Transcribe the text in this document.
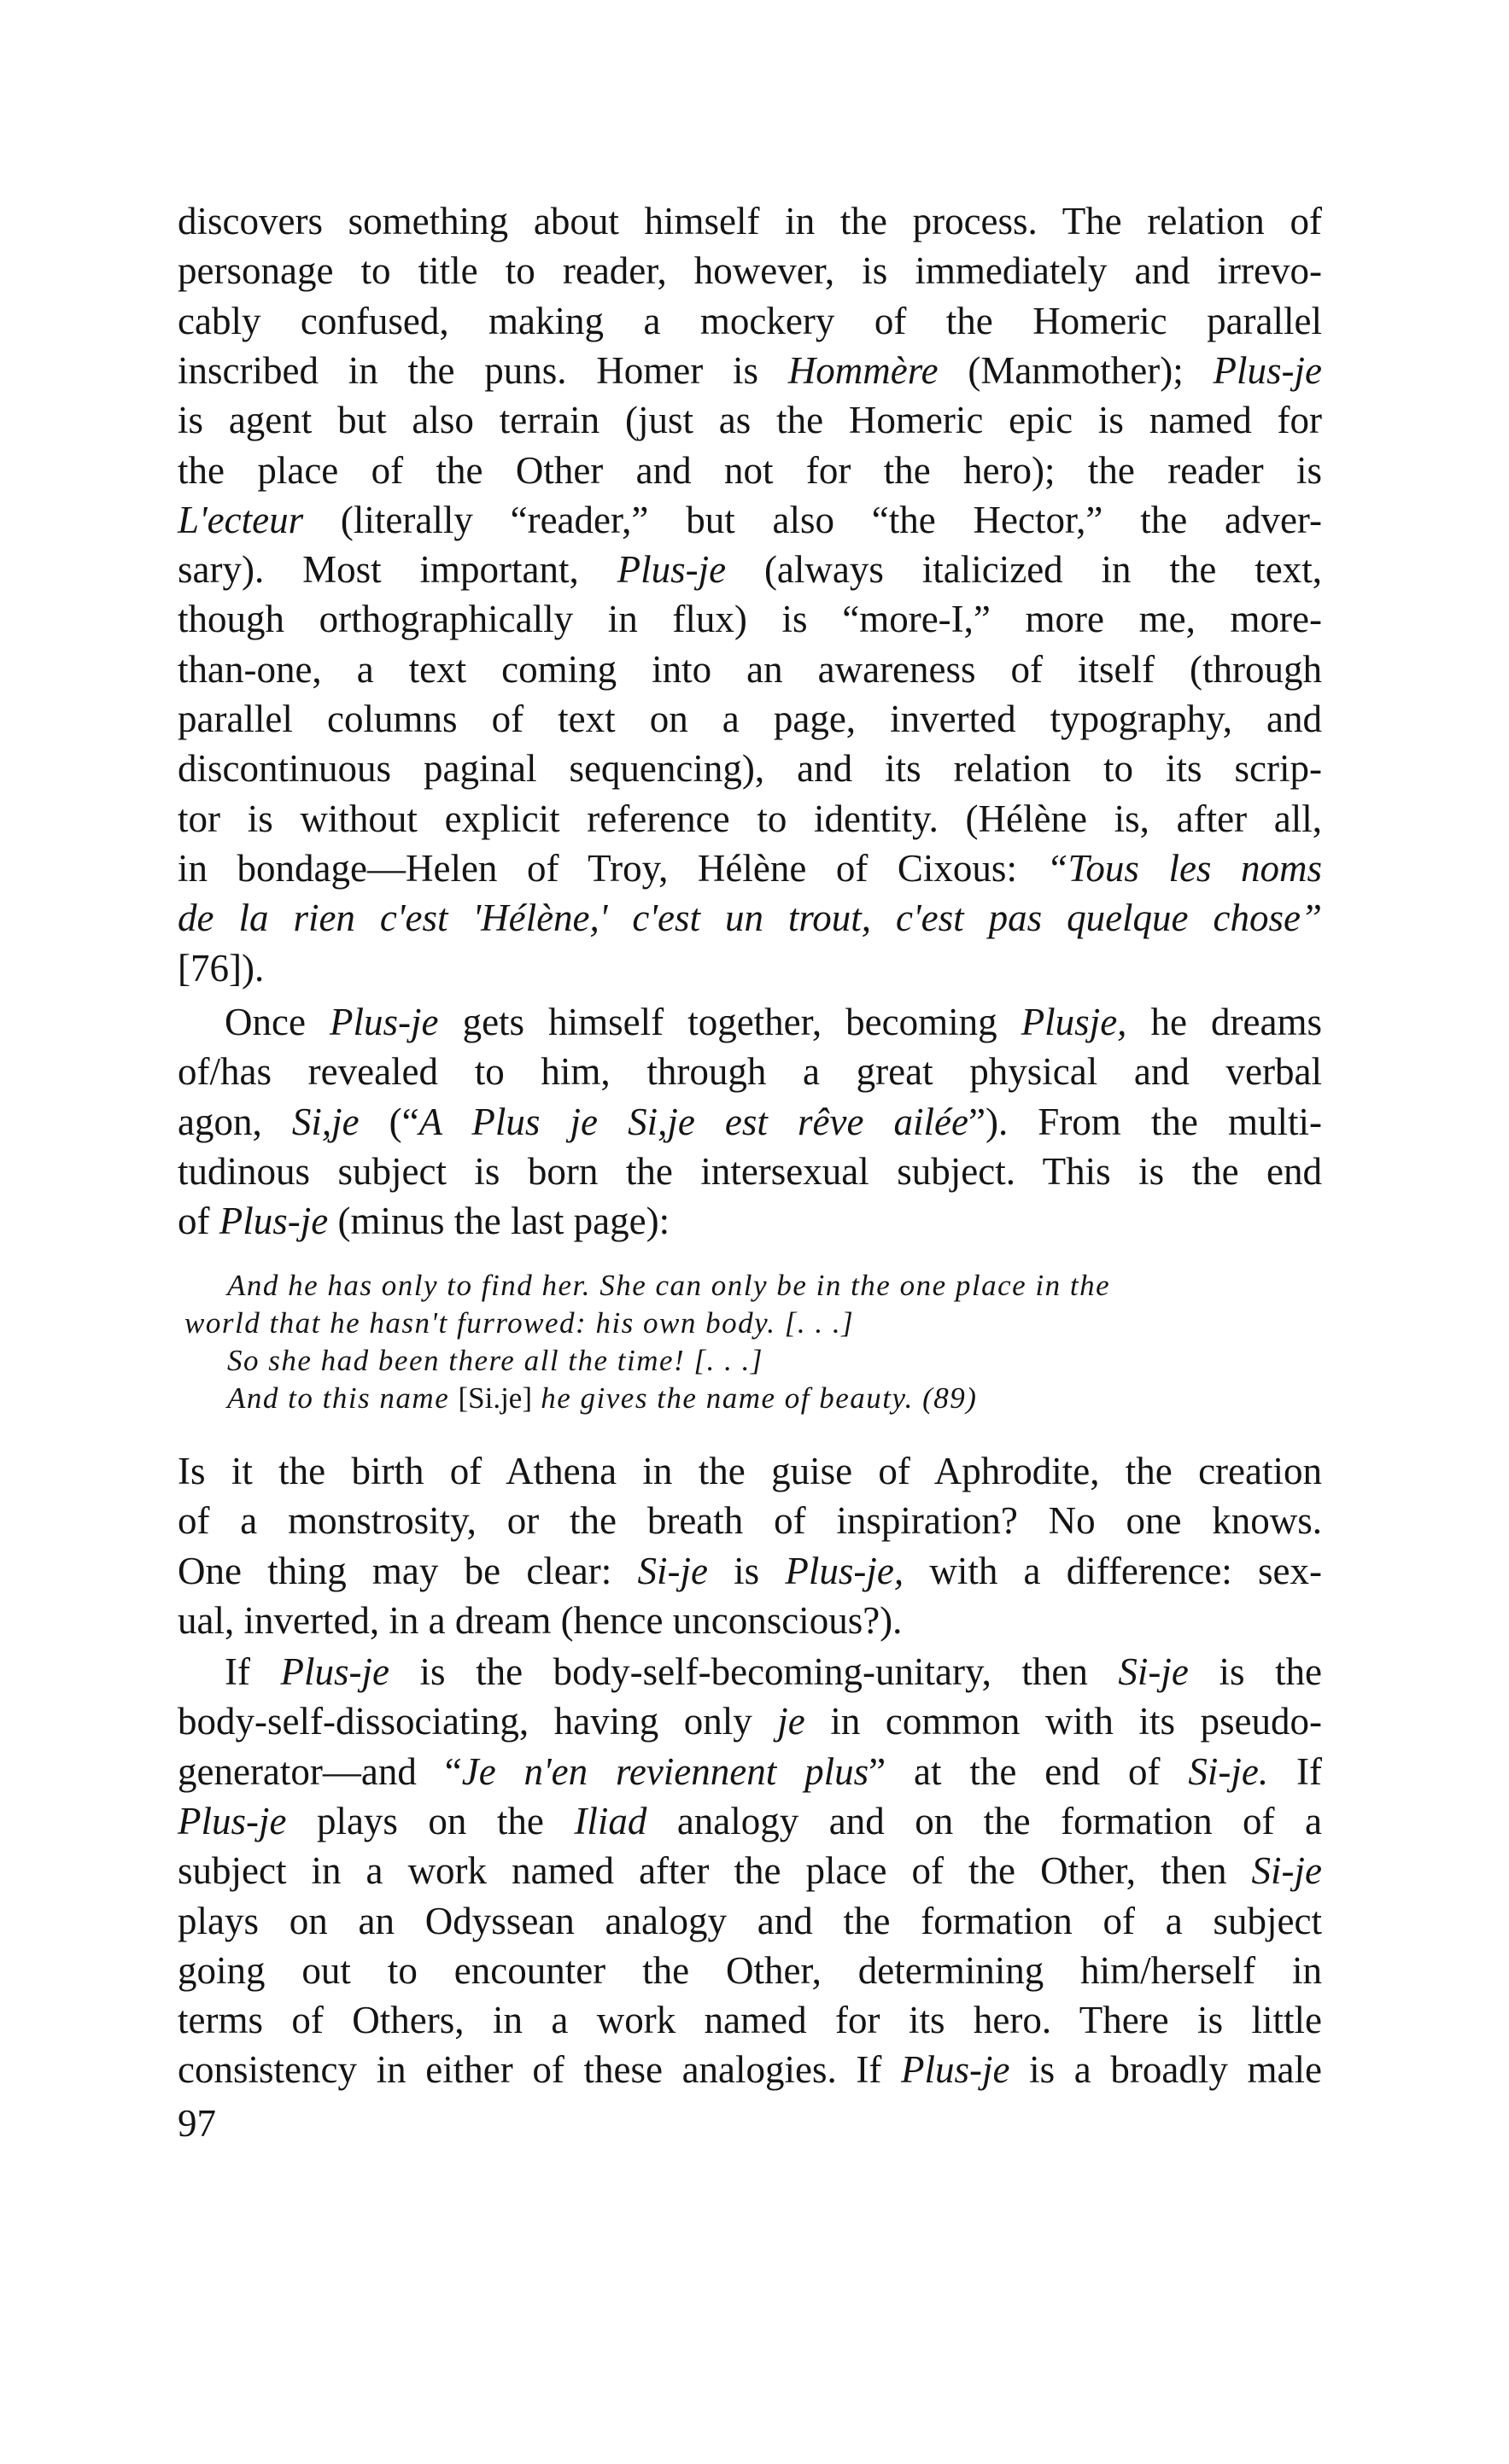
discovers something about himself in the process. The relation of
personage to title to reader, however, is immediately and irrevo-
cably confused, making a mockery of the Homeric parallel
inscribed in the puns. Homer is Hommère (Manmother); Plus-je
is agent but also terrain (just as the Homeric epic is named for
the place of the Other and not for the hero); the reader is
L'ecteur (literally “reader,” but also “the Hector,” the adver-
sary). Most important, Plus-je (always italicized in the text,
though orthographically in flux) is “more-I,” more me, more-
than-one, a text coming into an awareness of itself (through
parallel columns of text on a page, inverted typography, and
discontinuous paginal sequencing), and its relation to its scrip-
tor is without explicit reference to identity. (Hélène is, after all,
in bondage—Helen of Troy, Hélène of Cixous: “Tous les noms
de la rien c'est 'Hélène,' c'est un trout, c'est pas quelque chose”
[76]).
Once Plus-je gets himself together, becoming Plusje, he dreams
of/has revealed to him, through a great physical and verbal
agon, Si,je (“A Plus je Si,je est rêve ailée”). From the multi-
tudinous subject is born the intersexual subject. This is the end
of Plus-je (minus the last page):
And he has only to find her. She can only be in the one place in the
world that he hasn't furrowed: his own body. [. . .]
So she had been there all the time! [. . .]
And to this name [Si.je] he gives the name of beauty. (89)
Is it the birth of Athena in the guise of Aphrodite, the creation
of a monstrosity, or the breath of inspiration? No one knows.
One thing may be clear: Si-je is Plus-je, with a difference: sex-
ual, inverted, in a dream (hence unconscious?).
If Plus-je is the body-self-becoming-unitary, then Si-je is the
body-self-dissociating, having only je in common with its pseudo-
generator—and “Je n'en reviennent plus” at the end of Si-je. If
Plus-je plays on the Iliad analogy and on the formation of a
subject in a work named after the place of the Other, then Si-je
plays on an Odyssean analogy and the formation of a subject
going out to encounter the Other, determining him/herself in
terms of Others, in a work named for its hero. There is little
consistency in either of these analogies. If Plus-je is a broadly male
97
